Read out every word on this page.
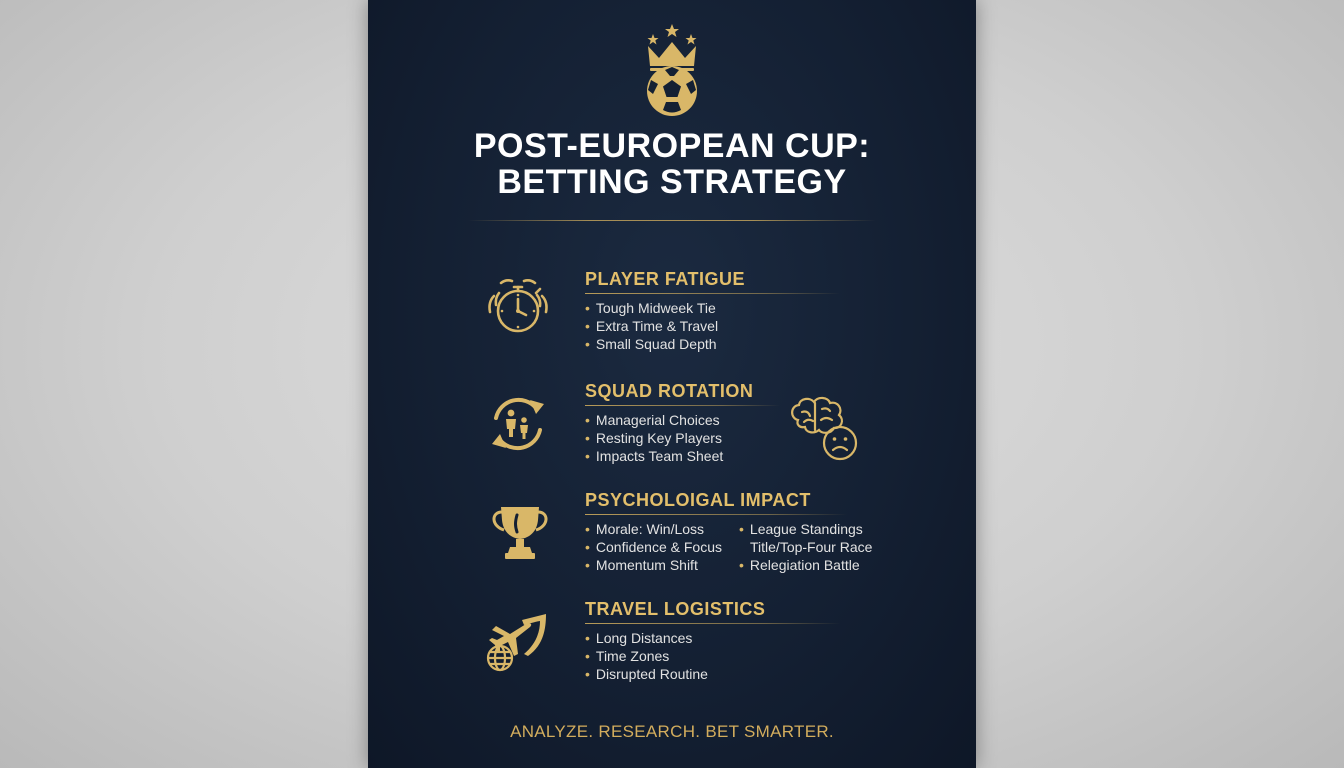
POST-EUROPEAN CUP:
BETTING STRATEGY
PLAYER FATIGUE
• Tough Midweek Tie
• Extra Time & Travel
• Small Squad Depth
SQUAD ROTATION
• Managerial Choices
• Resting Key Players
• Impacts Team Sheet
PSYCHOLOIGAL IMPACT
• Morale: Win/Loss
• Confidence & Focus
• Momentum Shift
• League Standings
Title/Top-Four Race
• Relegiation Battle
TRAVEL LOGISTICS
• Long Distances
• Time Zones
• Disrupted Routine
ANALYZE. RESEARCH. BET SMARTER.
